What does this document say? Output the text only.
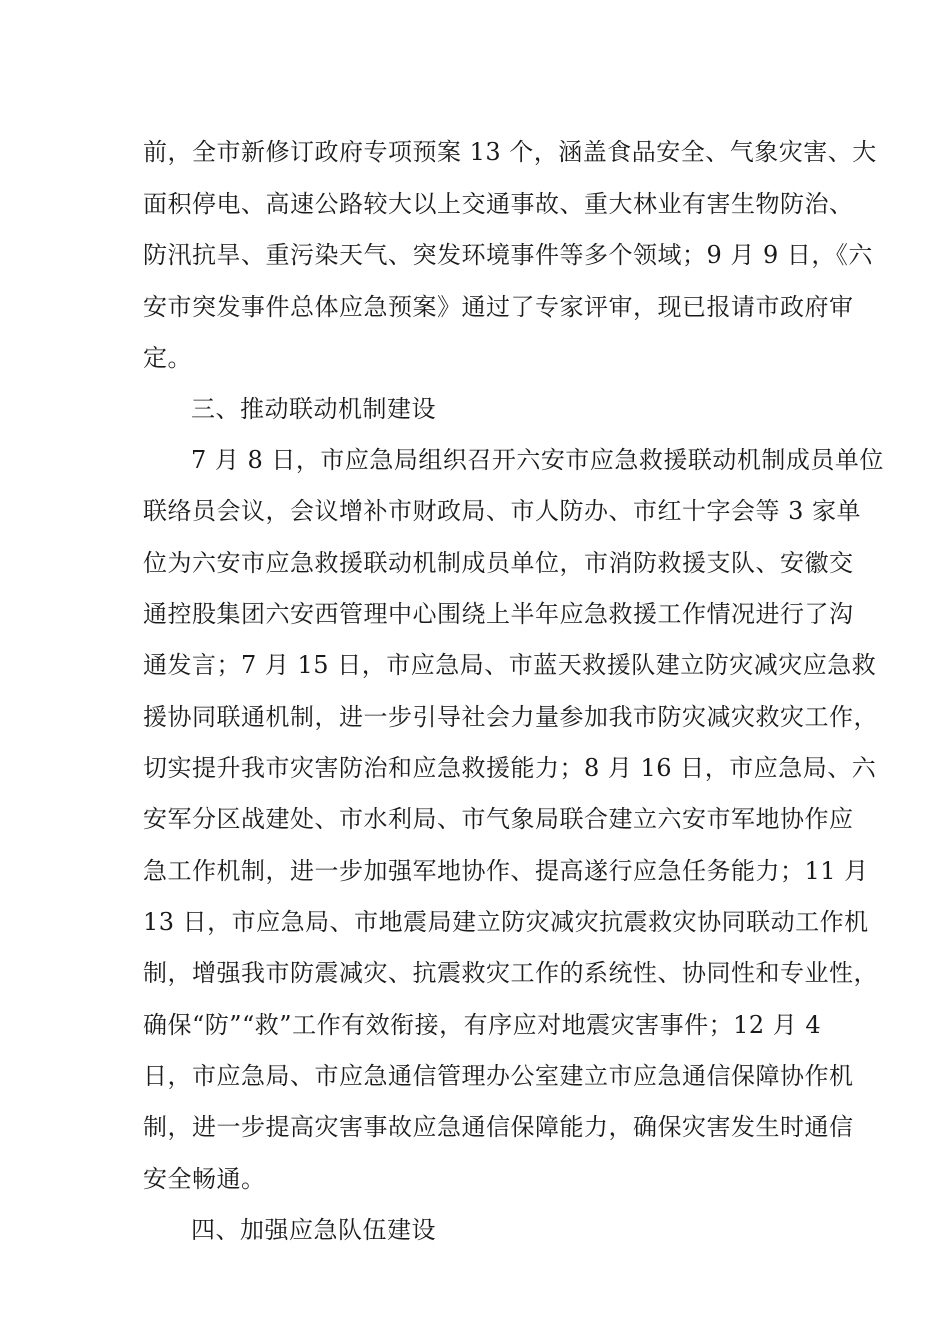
前，全市新修订政府专项预案 13 个，涵盖食品安全、气象灾害、大
面积停电、高速公路较大以上交通事故、重大林业有害生物防治、
防汛抗旱、重污染天气、突发环境事件等多个领域；9 月 9 日，《六
安市突发事件总体应急预案》通过了专家评审，现已报请市政府审
定。
三、推动联动机制建设
7 月 8 日，市应急局组织召开六安市应急救援联动机制成员单位
联络员会议，会议增补市财政局、市人防办、市红十字会等 3 家单
位为六安市应急救援联动机制成员单位，市消防救援支队、安徽交
通控股集团六安西管理中心围绕上半年应急救援工作情况进行了沟
通发言；7 月 15 日，市应急局、市蓝天救援队建立防灾减灾应急救
援协同联通机制，进一步引导社会力量参加我市防灾减灾救灾工作，
切实提升我市灾害防治和应急救援能力；8 月 16 日，市应急局、六
安军分区战建处、市水利局、市气象局联合建立六安市军地协作应
急工作机制，进一步加强军地协作、提高遂行应急任务能力；11 月
13 日，市应急局、市地震局建立防灾减灾抗震救灾协同联动工作机
制，增强我市防震减灾、抗震救灾工作的系统性、协同性和专业性，
确保“防”“救”工作有效衔接，有序应对地震灾害事件；12 月 4
日，市应急局、市应急通信管理办公室建立市应急通信保障协作机
制，进一步提高灾害事故应急通信保障能力，确保灾害发生时通信
安全畅通。
四、加强应急队伍建设
